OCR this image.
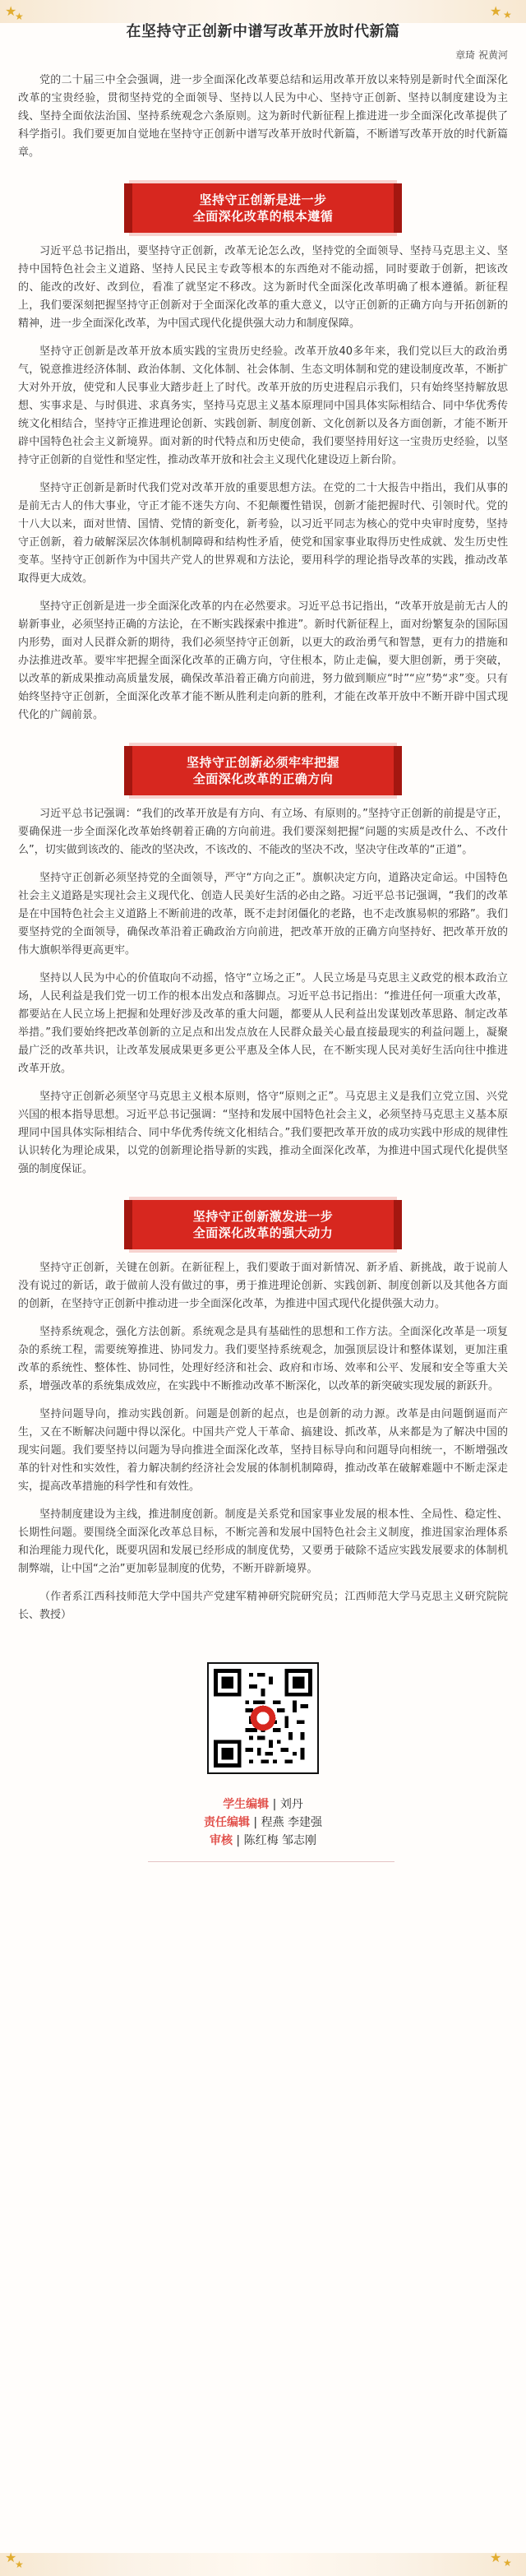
★
★	★ ★
★
★	★ ★
在坚持守正创新中谱写改革开放时代新篇
章琦 祝黄河

党的二十届三中全会强调，进一步全面深化改革要总结和运用改革开放以来特别是新时代全面深化改革的宝贵经验，贯彻坚持党的全面领导、坚持以人民为中心、坚持守正创新、坚持以制度建设为主线、坚持全面依法治国、坚持系统观念六条原则。这为新时代新征程上推进进一步全面深化改革提供了科学指引。我们要更加自觉地在坚持守正创新中谱写改革开放时代新篇，不断谱写改革开放的时代新篇章。

坚持守正创新是进一步
全面深化改革的根本遵循

习近平总书记指出，要坚持守正创新，改革无论怎么改，坚持党的全面领导、坚持马克思主义、坚持中国特色社会主义道路、坚持人民民主专政等根本的东西绝对不能动摇，同时要敢于创新，把该改的、能改的改好、改到位，看准了就坚定不移改。这为新时代全面深化改革明确了根本遵循。新征程上，我们要深刻把握坚持守正创新对于全面深化改革的重大意义，以守正创新的正确方向与开拓创新的精神，进一步全面深化改革，为中国式现代化提供强大动力和制度保障。

坚持守正创新是改革开放本质实践的宝贵历史经验。改革开放40多年来，我们党以巨大的政治勇气，锐意推进经济体制、政治体制、文化体制、社会体制、生态文明体制和党的建设制度改革，不断扩大对外开放，使党和人民事业大踏步赶上了时代。改革开放的历史进程启示我们，只有始终坚持解放思想、实事求是、与时俱进、求真务实，坚持马克思主义基本原理同中国具体实际相结合、同中华优秀传统文化相结合，坚持守正推进理论创新、实践创新、制度创新、文化创新以及各方面创新，才能不断开辟中国特色社会主义新境界。面对新的时代特点和历史使命，我们要坚持用好这一宝贵历史经验，以坚持守正创新的自觉性和坚定性，推动改革开放和社会主义现代化建设迈上新台阶。

坚持守正创新是新时代我们党对改革开放的重要思想方法。在党的二十大报告中指出，我们从事的是前无古人的伟大事业，守正才能不迷失方向、不犯颠覆性错误，创新才能把握时代、引领时代。党的十八大以来，面对世情、国情、党情的新变化，新考验，以习近平同志为核心的党中央审时度势，坚持守正创新，着力破解深层次体制机制障碍和结构性矛盾，使党和国家事业取得历史性成就、发生历史性变革。坚持守正创新作为中国共产党人的世界观和方法论，要用科学的理论指导改革的实践，推动改革取得更大成效。

坚持守正创新是进一步全面深化改革的内在必然要求。习近平总书记指出，“改革开放是前无古人的崭新事业，必须坚持正确的方法论，在不断实践探索中推进”。新时代新征程上，面对纷繁复杂的国际国内形势，面对人民群众新的期待，我们必须坚持守正创新，以更大的政治勇气和智慧，更有力的措施和办法推进改革。要牢牢把握全面深化改革的正确方向，守住根本，防止走偏，要大胆创新，勇于突破，以改革的新成果推动高质量发展，确保改革沿着正确方向前进，努力做到顺应“时”“应”势“求”变。只有始终坚持守正创新，全面深化改革才能不断从胜利走向新的胜利，才能在改革开放中不断开辟中国式现代化的广阔前景。

坚持守正创新必须牢牢把握
全面深化改革的正确方向

习近平总书记强调：“我们的改革开放是有方向、有立场、有原则的。”坚持守正创新的前提是守正，要确保进一步全面深化改革始终朝着正确的方向前进。我们要深刻把握“问题的实质是改什么、不改什么”，切实做到该改的、能改的坚决改，不该改的、不能改的坚决不改，坚决守住改革的“正道”。

坚持守正创新必须坚持党的全面领导，严守“方向之正”。旗帜决定方向，道路决定命运。中国特色社会主义道路是实现社会主义现代化、创造人民美好生活的必由之路。习近平总书记强调，“我们的改革是在中国特色社会主义道路上不断前进的改革，既不走封闭僵化的老路，也不走改旗易帜的邪路”。我们要坚持党的全面领导，确保改革沿着正确政治方向前进，把改革开放的正确方向坚持好、把改革开放的伟大旗帜举得更高更牢。

坚持以人民为中心的价值取向不动摇，恪守“立场之正”。人民立场是马克思主义政党的根本政治立场，人民利益是我们党一切工作的根本出发点和落脚点。习近平总书记指出：“推进任何一项重大改革，都要站在人民立场上把握和处理好涉及改革的重大问题，都要从人民利益出发谋划改革思路、制定改革举措。”我们要始终把改革创新的立足点和出发点放在人民群众最关心最直接最现实的利益问题上，凝聚最广泛的改革共识，让改革发展成果更多更公平惠及全体人民，在不断实现人民对美好生活向往中推进改革开放。

坚持守正创新必须坚守马克思主义根本原则，恪守“原则之正”。马克思主义是我们立党立国、兴党兴国的根本指导思想。习近平总书记强调：“坚持和发展中国特色社会主义，必须坚持马克思主义基本原理同中国具体实际相结合、同中华优秀传统文化相结合。”我们要把改革开放的成功实践中形成的规律性认识转化为理论成果，以党的创新理论指导新的实践，推动全面深化改革，为推进中国式现代化提供坚强的制度保证。

坚持守正创新激发进一步
全面深化改革的强大动力

坚持守正创新，关键在创新。在新征程上，我们要敢于面对新情况、新矛盾、新挑战，敢于说前人没有说过的新话，敢于做前人没有做过的事，勇于推进理论创新、实践创新、制度创新以及其他各方面的创新，在坚持守正创新中推动进一步全面深化改革，为推进中国式现代化提供强大动力。

坚持系统观念，强化方法创新。系统观念是具有基础性的思想和工作方法。全面深化改革是一项复杂的系统工程，需要统筹推进、协同发力。我们要坚持系统观念，加强顶层设计和整体谋划，更加注重改革的系统性、整体性、协同性，处理好经济和社会、政府和市场、效率和公平、发展和安全等重大关系，增强改革的系统集成效应，在实践中不断推动改革不断深化，以改革的新突破实现发展的新跃升。

坚持问题导向，推动实践创新。问题是创新的起点，也是创新的动力源。改革是由问题倒逼而产生，又在不断解决问题中得以深化。中国共产党人干革命、搞建设、抓改革，从来都是为了解决中国的现实问题。我们要坚持以问题为导向推进全面深化改革，坚持目标导向和问题导向相统一，不断增强改革的针对性和实效性，着力解决制约经济社会发展的体制机制障碍，推动改革在破解难题中不断走深走实，提高改革措施的科学性和有效性。

坚持制度建设为主线，推进制度创新。制度是关系党和国家事业发展的根本性、全局性、稳定性、长期性问题。要围绕全面深化改革总目标，不断完善和发展中国特色社会主义制度，推进国家治理体系和治理能力现代化，既要巩固和发展已经形成的制度优势，又要勇于破除不适应实践发展要求的体制机制弊端，让中国“之治”更加彰显制度的优势，不断开辟新境界。

（作者系江西科技师范大学中国共产党建军精神研究院研究员；江西师范大学马克思主义研究院院长、教授）

学生编辑 | 刘丹
责任编辑 | 程燕 李建强
审核 | 陈红梅 邹志刚
